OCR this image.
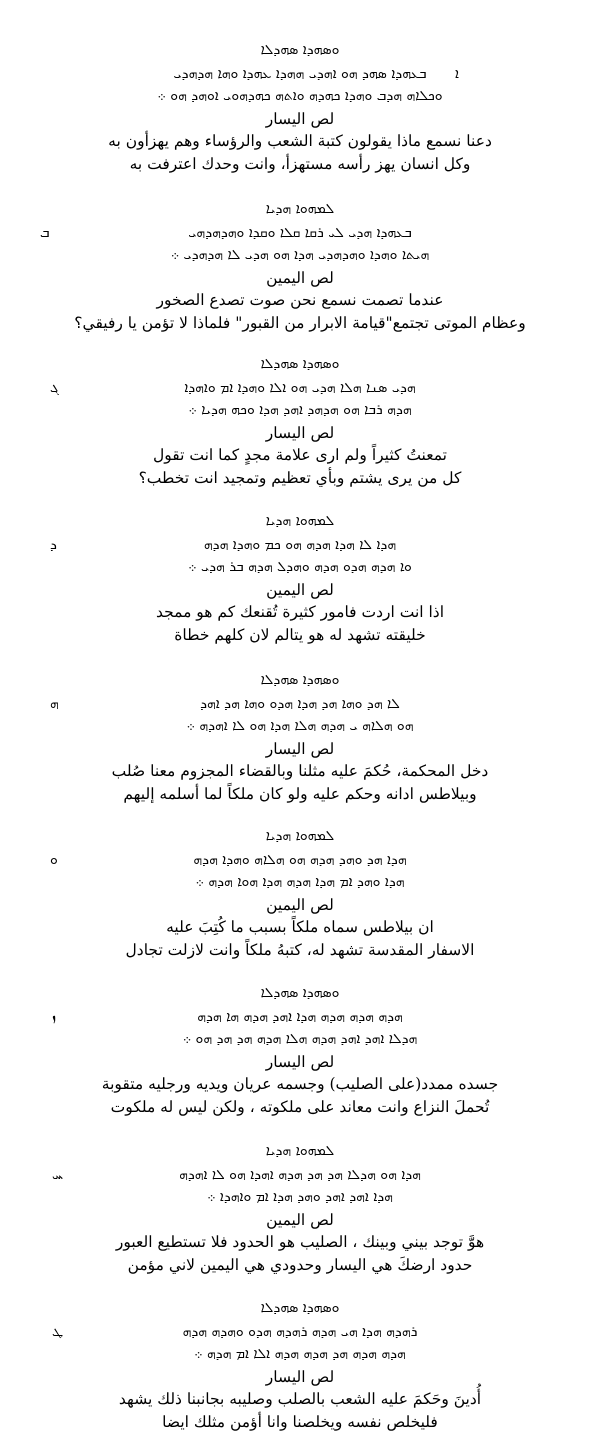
ܘܣܗܕܐ ܣܗܕܠܐ
ܒܥܗܕܐ ܣܗܕ ܗܘ ܐܗܕܝ ܗܗܕܐ ܥܗܕܐ ܘܗܐ ܗܕܗܕܝ
ܘܟܠܐܗ ܗܕܒ ܘܗܕܐ ܟܗܕܗ ܘܐܬܗ ܟܗܕܗܘܝ ܐܘܗܕ ܗܘ ܀
لص اليسار
دعنا نسمع ماذا يقولون كتبة الشعب والرؤساء وهم يهزأون به
وكل انسان يهز رأسه مستهزأ، وانت وحدك اعترفت به
ܐ
ܠܡܗܘܐ ܗܕܝܐ
ܒܥܗܕܐ ܗܕܝ ܠܝ ܪܩܐ ܩܠܐ ܘܩܕܐ ܘܗܕܗܕܗܝ
ܗܝܬܐ ܘܗܕܐ ܘܗܕܗܕܝ ܗܕܐ ܗܘ ܗܕܝ ܠܐ ܗܕܗܕܝ ܀
لص اليمين
عندما تصمت نسمع نحن صوت تصدع الصخور
وعظام الموتى تجتمع"قيامة الابرار من القبور" فلماذا لا تؤمن يا رفيقي؟
ܒ
ܘܣܗܕܐ ܣܗܕܠܐ
ܗܕܝ ܣܢܐ ܗܠܐ ܗܕܝ ܗܘ ܐܠܐ ܘܗܕܐ ܐܡ ܘܐܗܕܐ
ܗܕܗ ܪܒܐ ܗܘ ܗܕܗܕ ܐܗܕ ܗܕܐ ܘܟܗ ܗܕܝܐ ܀
لص اليسار
تمعنتُ كثيراً ولم ارى علامة مجدٍ كما انت تقول
كل من يرى يشتم وبأي تعظيم وتمجيد انت تخطب؟
ܓ
ܠܡܗܘܐ ܗܕܝܐ
ܗܕܐ ܠܐ ܗܕܐ ܗܕܗ ܗܘ ܟܡ ܘܗܕܐ ܗܕܗ
ܘܐ ܗܕܗ ܗܕܘ ܗܕܗ ܘܗܕܠ ܗܕܗ ܒܪ ܗܕܝ ܀
لص اليمين
اذا انت اردت فامور كثيرة تُقنعك كم هو ممجد
خليقته تشهد له هو يتالم لان كلهم خطاة
ܕ
ܘܣܗܕܐ ܣܗܕܠܐ
ܠܐ ܗܕ ܘܗܐ ܗܕ ܗܕܐ ܗܕܘ ܘܗܐ ܗܕ ܐܗܕ
ܗܘ ܗܠܐܗ ܝ ܗܕܗ ܗܠܐ ܗܕܐ ܗܘ ܠܐ ܐܗܕܗ ܀
لص اليسار
دخل المحكمة، حُكمَ عليه مثلنا وبالقضاء المجزوم معنا صُلب
وبيلاطس ادانه وحكم عليه ولو كان ملكاً لما أسلمه إليهم
ܗ
ܠܡܗܘܐ ܗܕܝܐ
ܗܕܐ ܗܕ ܘܗܕ ܗܕܗ ܗܘ ܗܠܐܗ ܘܗܕܐ ܗܕܗ
ܗܕܐ ܘܗܕ ܐܡ ܗܕܐ ܗܕܗ ܗܕܐ ܗܘܐ ܗܕܗ ܀
لص اليمين
ان بيلاطس سماه ملكاً بسبب ما كُتِبَ عليه
الاسفار المقدسة تشهد له، كتبهُ ملكاً وانت لازلت تجادل
ܘ
ܘܣܗܕܐ ܣܗܕܠܐ
ܗܕܗ ܗܕܗ ܗܕܗ ܗܕܐ ܐܗܕ ܗܕܗ ܗܐ ܗܕܗ
ܗܕܠܐ ܐܗܕ ܐܗܕ ܗܕܗ ܗܠܐ ܗܕܗ ܗܕ ܗܕ ܗܘ ܀
لص اليسار
جسده ممدد(على الصليب) وجسمه عريان ويديه ورجليه متقوبة
تُحملَ النزاع وانت معاند على ملكوته ، ولكن ليس له ملكوت
ܙ
ܠܡܗܘܐ ܗܕܝܐ
ܗܕܐ ܗܘ ܗܕܠܐ ܗܕ ܗܕ ܗܕܗ ܐܗܕܐ ܗܘ ܠܐ ܐܗܕܗ
ܗܕܐ ܐܗܕ ܐܗܕ ܘܗܕ ܗܕܐ ܐܡ ܘܐܗܕܐ ܀
لص اليمين
هوَّ توجد بيني وبينك ، الصليب هو الحدود فلا تستطيع العبور
حدود ارضكَ هي اليسار وحدودي هي اليمين لاني مؤمن
ܚ
ܘܣܗܕܐ ܣܗܕܠܐ
ܪܗܕܗ ܗܕܐ ܗܝ ܗܕܗ ܪܗܕܗ ܗܕܘ ܘܗܕܗ ܗܕܗ
ܗܕܗ ܗܕܗ ܗܕ ܗܕܗ ܗܕܗ ܐܠܐ ܐܡ ܗܕܗ ܀
لص اليسار
أُدينَ وحَكمَ عليه الشعب بالصلب وصليبه بجانبنا ذلك يشهد
فليخلص نفسه ويخلصنا وانا أؤمن مثلك ايضا
ܛ
